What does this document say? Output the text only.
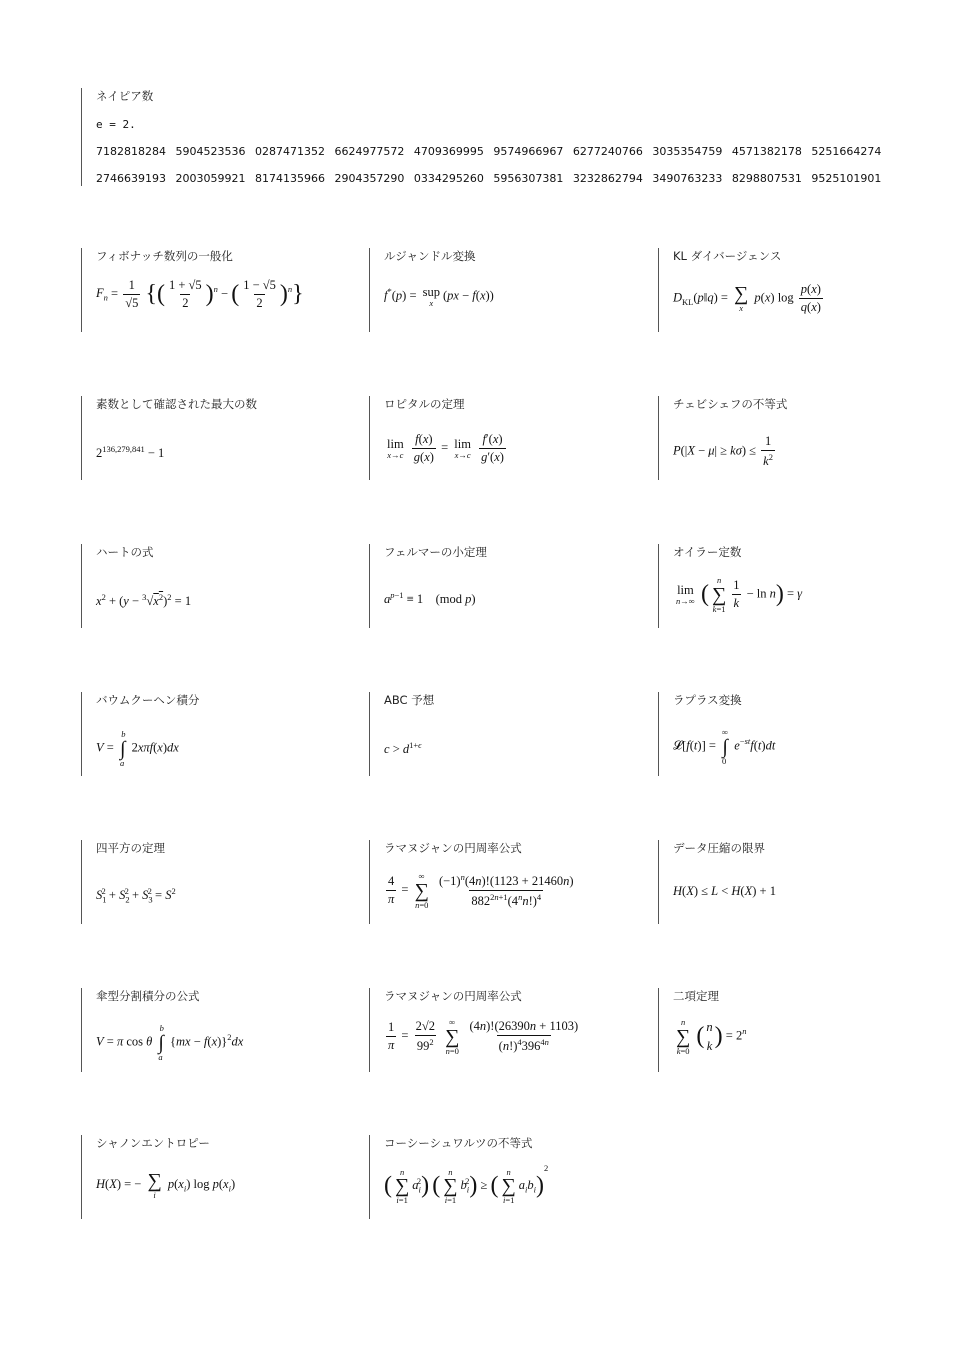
ネイピア数
e = 2.
7182818284 5904523536 0287471352 6624977572 4709369995 9574966967 6277240766 3035354759 4571382178 5251664274
2746639193 2003059921 8174135966 2904357290 0334295260 5956307381 3232862794 3490763233 8298807531 9525101901
フィボナッチ数列の一般化
$F_n = \frac{1}{√5}$ {( $\frac{1 + √5}{2} )^n$ − ( $\frac{1 - √5}{2} )^n$}
ルジャンドル変換
f*(p) = sup
x
(px − f(x))
KL ダイバージェンス
$D_{KL}(p‖q)$ = ∑
x
p(x) $\log \frac{p(x)}{q(x)}$
素数として確認された最大の数
$2^{136,279,841} - 1$
ロピタルの定理
lim
x→c
$\frac{f(x)}{g(x)} = \lim$
x→c
$\frac{f'(x)}{g'(x)}$
チェビシェフの不等式
$P(|X - \mu| \ge k\sigma) \le \frac{1}{k^2}$
ハートの式
$x^2 + (y - ^3√x^2)^2 = 1$
フェルマーの小定理
$a^{p-1} \equiv 1$    (mod p)
オイラー定数
lim
n→∞ (
n
∑
$k=1 \frac{1}{k} - \ln n) = \gamma$
バウムクーヘン積分
V =
b
∫
a
2xπf(x)dx
ABC 予想
$c > d^{1+\epsilon}$
ラプラス変換
𝓛[f(t)] =
∞
∫
0
$e^{-st}f(t)dt$
四平方の定理
$S_1^2 + S_2^2 + S_3^2 = S^2$
ラマヌジャンの円周率公式
$\frac{4}{\pi}$ =
∞
∑
n=0
$\frac{(-1)^n(4n)!(1123 + 21460n)}{882^{2n+1}(4^nn!)^4}$
データ圧縮の限界
H(X) ≤ L < H(X) + 1
傘型分割積分の公式
V = π cos θ
b
∫
a
{mx − f(x)}$^2$dx
ラマヌジャンの円周率公式
$\frac{1}{\pi} = \frac{2√2}{99^2}$
∞
∑
n=0
$\frac{(4n)!(26390n + 1103)}{(n!)^4396^{4n}}$
二項定理
n
∑
k=0
( n
k ) = $2^n$
シャノンエントロピー
H(X) = − ∑
i
$p(x_i)$ $\log p(x_i)$
コーシーシュワルツの不等式
(
n
∑
i=1
$a_i^2$) (
n
∑
i=1
$b_i^2$) ≥ (
n
∑
i=1
$a_ib_i)^2$
